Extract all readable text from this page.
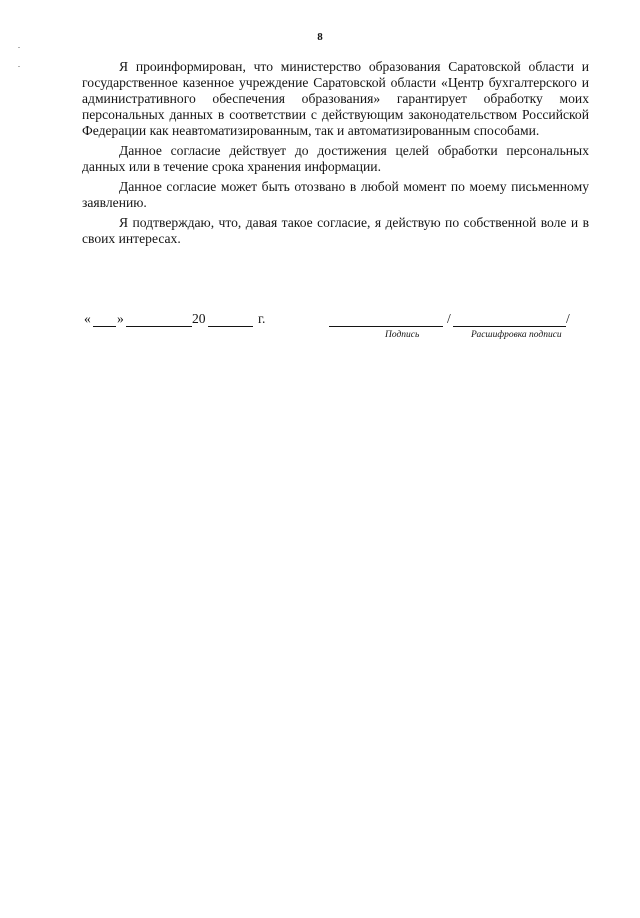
8

Я проинформирован, что министерство образования Саратовской области и государственное казенное учреждение Саратовской области «Центр бухгалтерского и административного обеспечения образования» гарантирует обработку моих персональных данных в соответствии с действующим законодательством Российской Федерации как неавтоматизированным, так и автоматизированным способами.

Данное согласие действует до достижения целей обработки персональных данных или в течение срока хранения информации.

Данное согласие может быть отозвано в любой момент по моему письменному заявлению.

Я подтверждаю, что, давая такое согласие, я действую по собственной воле и в своих интересах.

« »	20	г.	/	/
Подпись	Расшифровка подписи
